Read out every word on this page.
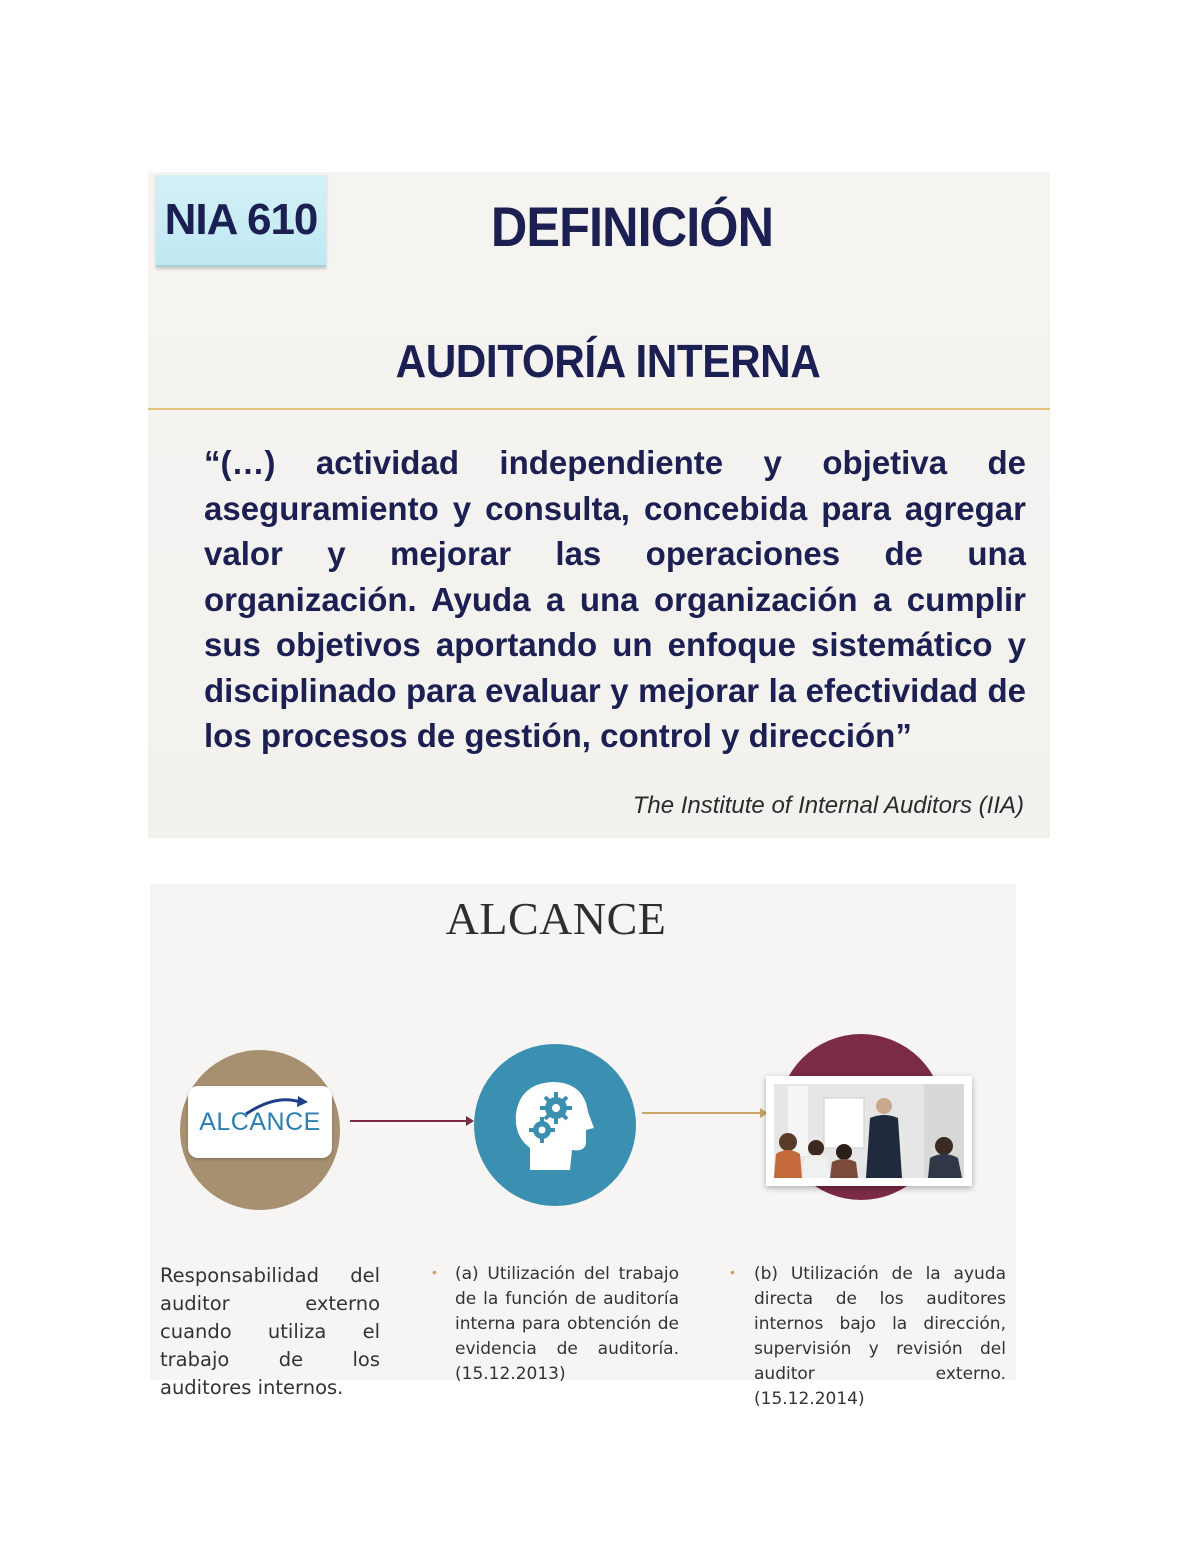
NIA 610	DEFINICIÓN
AUDITORÍA INTERNA
“(…) actividad independiente y objetiva de aseguramiento y consulta, concebida para agregar valor y mejorar las operaciones de una organización. Ayuda a una organización a cumplir sus objetivos aportando un enfoque sistemático y disciplinado para evaluar y mejorar la efectividad de los procesos de gestión, control y dirección”
The Institute of Internal Auditors (IIA)
ALCANCE
ALCANCE
Responsabilidad del auditor externo cuando utiliza el trabajo de los auditores internos.
• (a) Utilización del trabajo de la función de auditoría interna para obtención de evidencia de auditoría. (15.12.2013)
• (b) Utilización de la ayuda directa de los auditores internos bajo la dirección, supervisión y revisión del auditor externo. (15.12.2014)
